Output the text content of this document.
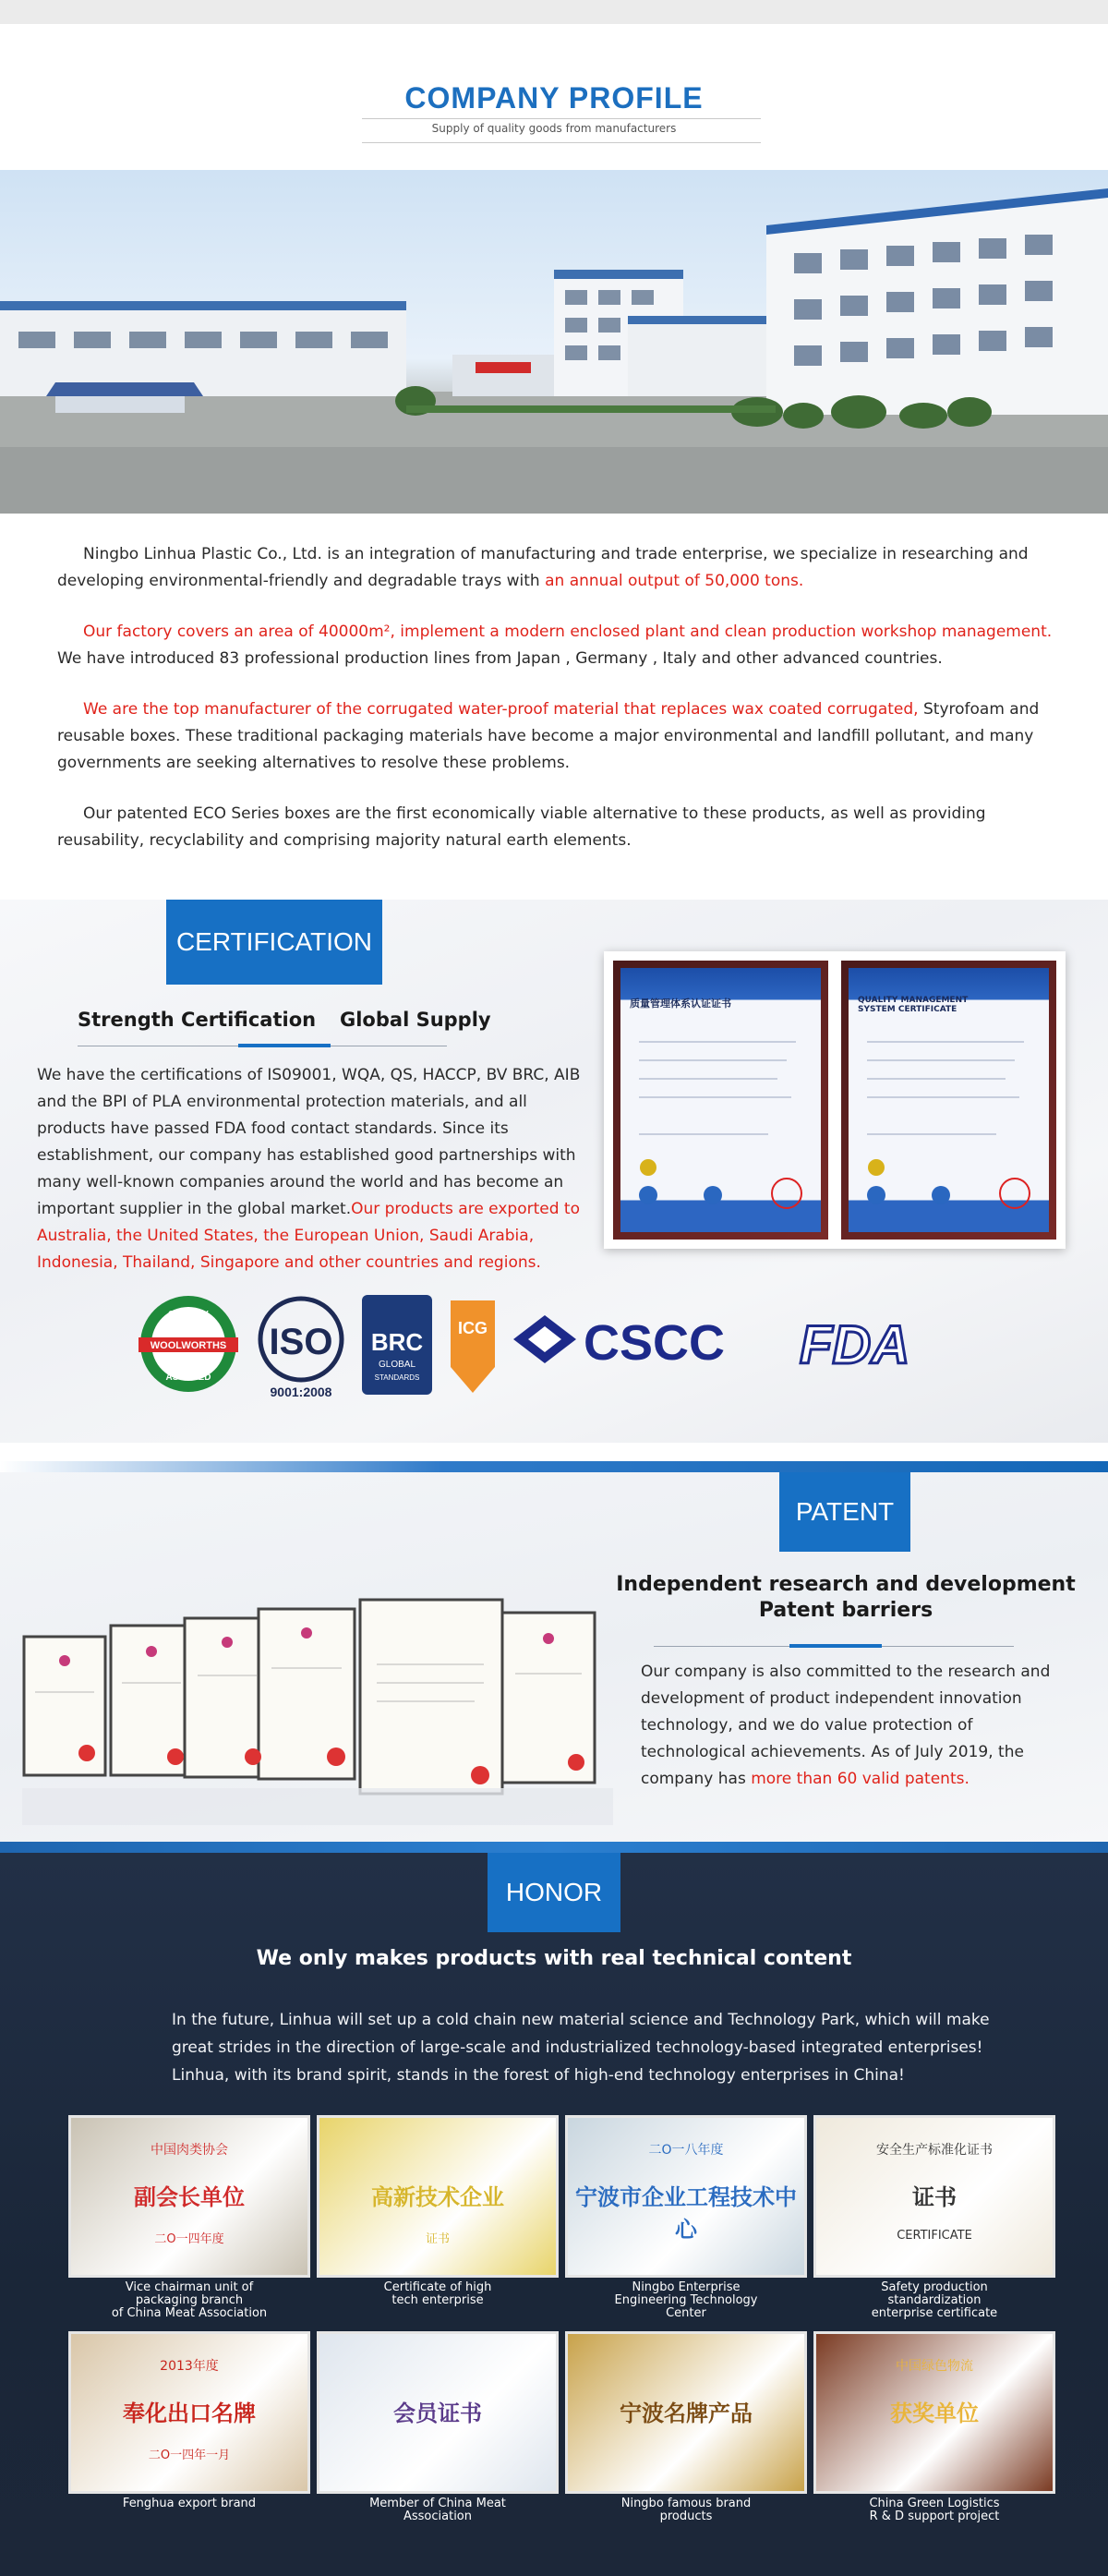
COMPANY PROFILE
Supply of quality goods from manufacturers

Ningbo Linhua Plastic Co., Ltd. is an integration of manufacturing and trade enterprise, we specialize in researching and developing environmental-friendly and degradable trays with an annual output of 50,000 tons.

Our factory covers an area of 40000m², implement a modern enclosed plant and clean production workshop management. We have introduced 83 professional production lines from Japan , Germany , Italy and other advanced countries.

We are the top manufacturer of the corrugated water-proof material that replaces wax coated corrugated, Styrofoam and reusable boxes. These traditional packaging materials have become a major environmental and landfill pollutant, and many governments are seeking alternatives to resolve these problems.

Our patented ECO Series boxes are the first economically viable alternative to these products, as well as providing reusability, recyclability and comprising majority natural earth elements.

CERTIFICATION
Strength Certification Global Supply
We have the certifications of IS09001, WQA, QS, HACCP, BV BRC, AIB and the BPI of PLA environmental protection materials, and all products have passed FDA food contact standards. Since its establishment, our company has established good partnerships with many well-known companies around the world and has become an important supplier in the global market.Our products are exported to Australia, the United States, the European Union, Saudi Arabia, Indonesia, Thailand, Singapore and other countries and regions.
质量管理体系认证证书	QUALITY MANAGEMENT SYSTEM CERTIFICATE
WOOLWORTHS
QUALITY
ASSURED
ISO
9001:2008
BRC
GLOBAL
STANDARDS
ICG CSCC FDA
PATENT
Independent research and development
Patent barriers
Our company is also committed to the research and development of product independent innovation technology, and we do value protection of technological achievements. As of July 2019, the company has more than 60 valid patents.
HONOR
We only makes products with real technical content
In the future, Linhua will set up a cold chain new material science and Technology Park, which will make great strides in the direction of large-scale and industrialized technology-based integrated enterprises! Linhua, with its brand spirit, stands in the forest of high-end technology enterprises in China!
中国肉类协会
副会长单位
二O一四年度
Vice chairman unit of
packaging branch
of China Meat Association
高新技术企业
证书
Certificate of high
tech enterprise
二O一八年度
宁波市企业工程技术中心
Ningbo Enterprise
Engineering Technology
Center
安全生产标准化证书
证书
CERTIFICATE
Safety production
standardization
enterprise certificate
2013年度
奉化出口名牌
二O一四年一月
Fenghua export brand
会员证书
Member of China Meat
Association
宁波名牌产品
Ningbo famous brand
products
中国绿色物流
获奖单位
China Green Logistics
R & D support project
